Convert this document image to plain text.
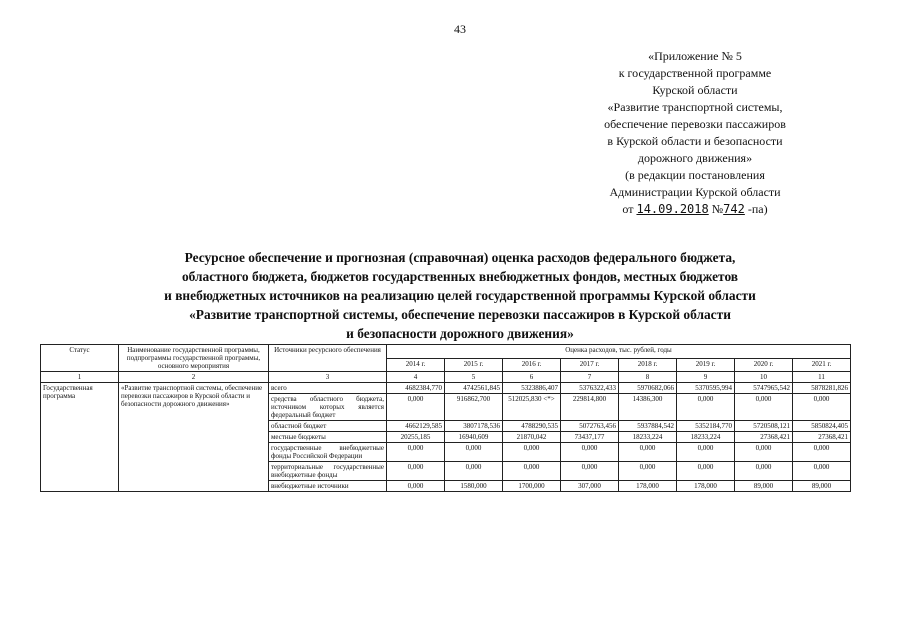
43
«Приложение № 5
к государственной программе
Курской области
«Развитие транспортной системы,
обеспечение перевозки пассажиров
в Курской области и безопасности
дорожного движения»
(в редакции постановления
Администрации Курской области
от 14.09.2018 №742 -па)
Ресурсное обеспечение и прогнозная (справочная) оценка расходов федерального бюджета,
областного бюджета, бюджетов государственных внебюджетных фондов, местных бюджетов
и внебюджетных источников на реализацию целей государственной программы Курской области
«Развитие транспортной системы, обеспечение перевозки пассажиров в Курской области
и безопасности дорожного движения»
Статус	Наименование государственной программы, подпрограммы государственной программы, основного мероприятия	Источники ресурсного обеспечения	Оценка расходов, тыс. рублей, годы							
			2014 г.	2015 г.	2016 г.	2017 г.	2018 г.	2019 г.	2020 г.	2021 г.
1	2	3	4	5	6	7	8	9	10	11
Государственная программа	«Развитие транспортной системы, обеспечение перевозки пассажиров в Курской области и безопасности дорожного движения»	всего	4682384,770	4742561,845	5323886,407	5376322,433	5970682,066	5370595,994	5747965,542	5878281,826
		средства областного бюджета, источником которых является федеральный бюджет	0,000	916862,700	512025,830 <*>	229814,800	14386,300	0,000	0,000	0,000
		областной бюджет	4662129,585	3807178,536	4788290,535	5072763,456	5937884,542	5352184,770	5720508,121	5850824,405
		местные бюджеты	20255,185	16940,609	21870,042	73437,177	18233,224	18233,224	27368,421	27368,421
		государственные внебюджетные фонды Российской Федерации	0,000	0,000	0,000	0,000	0,000	0,000	0,000	0,000
		территориальные государственные внебюджетные фонды	0,000	0,000	0,000	0,000	0,000	0,000	0,000	0,000
		внебюджетные источники	0,000	1580,000	1700,000	307,000	178,000	178,000	89,000	89,000
